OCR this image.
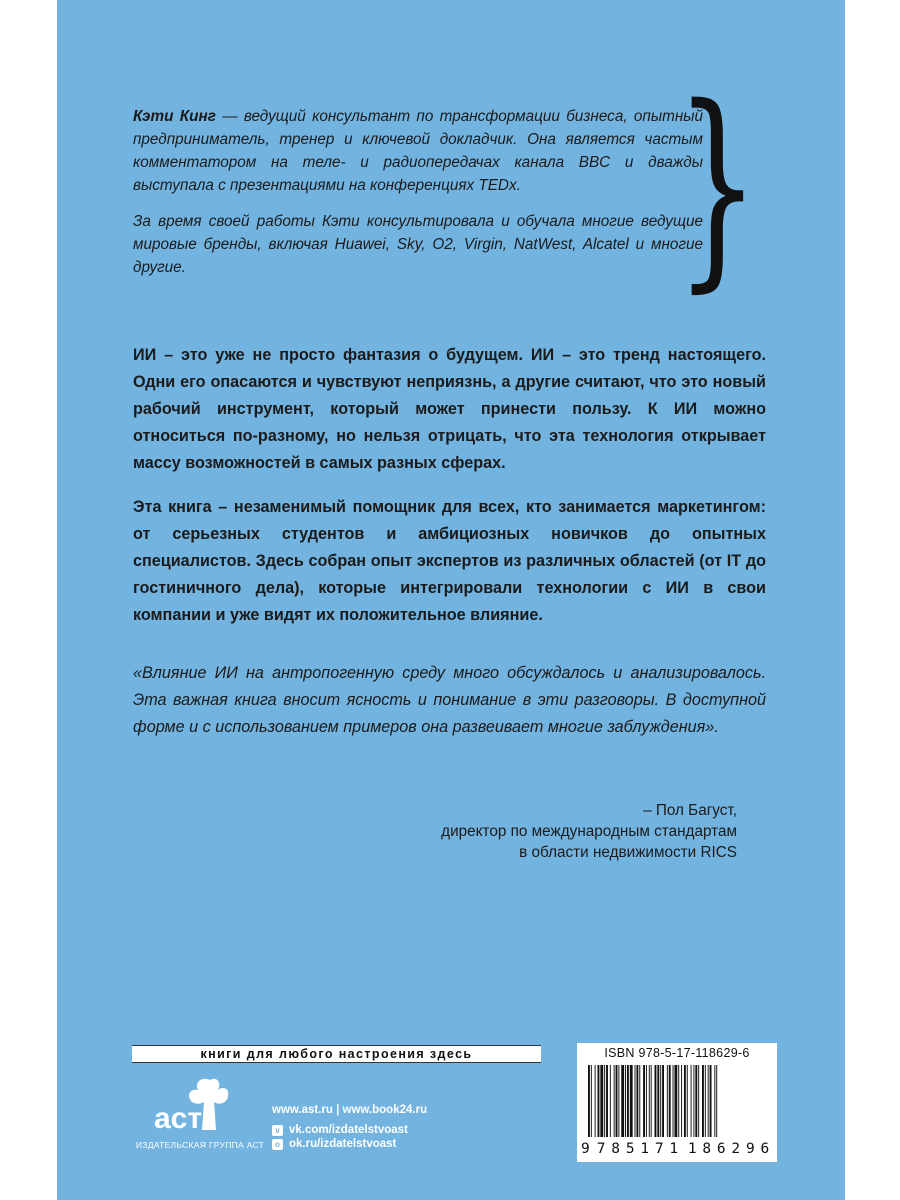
Кэти Кинг — ведущий консультант по трансформации бизнеса, опытный предприниматель, тренер и ключевой докладчик. Она является частым комментатором на теле- и радиопередачах канала BBC и дважды выступала с презентациями на конференциях TEDx.

За время своей работы Кэти консультировала и обучала многие ведущие мировые бренды, включая Huawei, Sky, O2, Virgin, NatWest, Alcatel и многие другие.	}

ИИ – это уже не просто фантазия о будущем. ИИ – это тренд настоящего. Одни его опасаются и чувствуют неприязнь, а другие считают, что это новый рабочий инструмент, который может принести пользу. К ИИ можно относиться по-разному, но нельзя отрицать, что эта технология открывает массу возможностей в самых разных сферах.

Эта книга – незаменимый помощник для всех, кто занимается маркетингом: от серьезных студентов и амбициозных новичков до опытных специалистов. Здесь собран опыт экспертов из различных областей (от IT до гостиничного дела), которые интегрировали технологии с ИИ в свои компании и уже видят их положительное влияние.

«Влияние ИИ на антропогенную среду много обсуждалось и анализировалось. Эта важная книга вносит ясность и понимание в эти разговоры. В доступной форме и с использованием примеров она развеивает многие заблуждения».

– Пол Багуст,
директор по международным стандартам
в области недвижимости RICS
книги для любого настроения здесь
аст
ИЗДАТЕЛЬСКАЯ ГРУППА АСТ
www.ast.ru | www.book24.ru
v
vk.com/izdatelstvoast
o
ok.ru/izdatelstvoast
ISBN 978-5-17-118629-6
9 7 8 5 1 7 1 1 8 6 2 9 6
